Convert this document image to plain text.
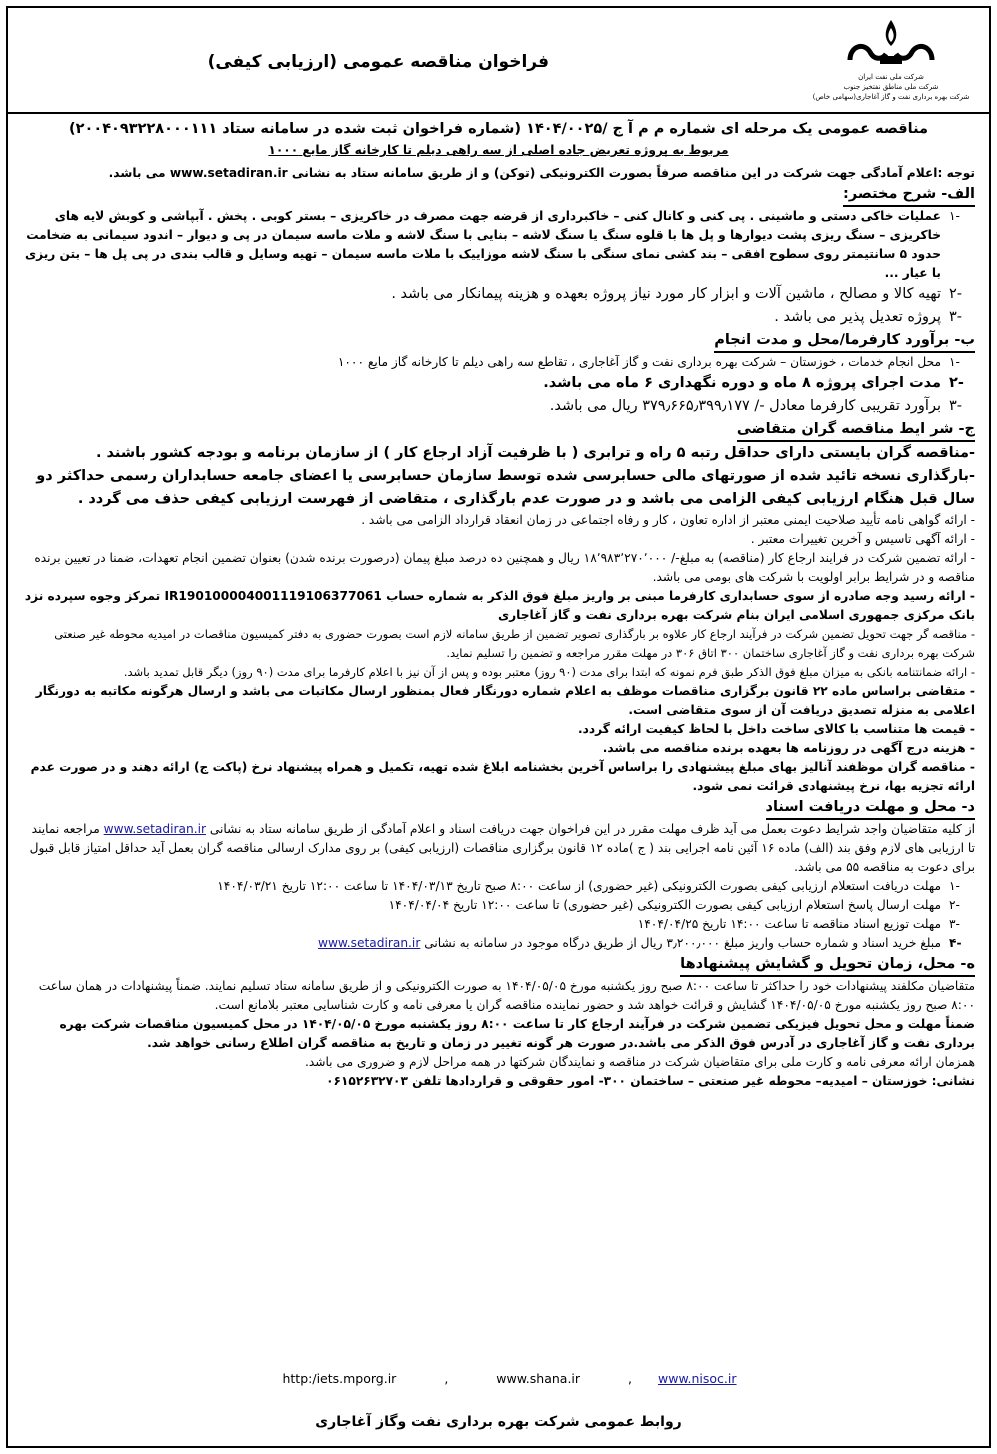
شرکت ملی نفت ایران
شرکت ملی مناطق نفتخیز جنوب
شرکت بهره برداری نفت و گاز آغاجاری(سهامی خاص)
فراخوان مناقصه عمومی (ارزیابی کیفی)

مناقصه عمومی یک مرحله ای شماره م م آ ج /۱۴۰۴/۰۰۲۵ (شماره فراخوان ثبت شده در سامانه ستاد ۲۰۰۴۰۹۳۲۲۸۰۰۰۱۱۱)

مربوط به پروژه تعریض جاده اصلی از سه راهی دیلم تا کارخانه گاز مایع ۱۰۰۰

توجه :اعلام آمادگی جهت شرکت در این مناقصه صرفاً بصورت الکترونیکی (توکن) و از طریق سامانه ستاد به نشانی www.setadiran.ir می باشد.

الف- شرح مختصر:
-۱
عملیات خاکی دستی و ماشینی . پی کنی و کانال کنی – خاکبرداری از قرضه جهت مصرف در خاکریزی – بستر کوبی . پخش . آبپاشی و کوبش لایه های خاکریزی – سنگ ریزی پشت دیوارها و پل ها با قلوه سنگ یا سنگ لاشه – بنایی با سنگ لاشه و ملات ماسه سیمان در پی و دیوار – اندود سیمانی به ضخامت حدود ۵ سانتیمتر روی سطوح افقی – بند کشی نمای سنگی با سنگ لاشه موزاییک با ملات ماسه سیمان – تهیه وسایل و قالب بندی در پی پل ها – بتن ریزی با عیار ...
-۲
تهیه کالا و مصالح ، ماشین آلات و ابزار کار مورد نیاز پروژه بعهده و هزینه پیمانکار می باشد .
-۳
پروژه تعدیل پذیر می باشد .
ب- برآورد کارفرما/محل و مدت انجام
-۱
محل انجام خدمات ، خوزستان – شرکت بهره برداری نفت و گاز آغاجاری ، تقاطع سه راهی دیلم تا کارخانه گاز مایع ۱۰۰۰
-۲
مدت اجرای پروژه ۸ ماه و دوره نگهداری ۶ ماه می باشد.
-۳
برآورد تقریبی کارفرما معادل -/ ۳۷۹٫۶۶۵٫۳۹۹٫۱۷۷ ریال می باشد.
ج- شر ایط مناقصه گران متقاضی

-مناقصه گران بایستی دارای حداقل رتبه ۵ راه و ترابری ( با ظرفیت آزاد ارجاع کار ) از سازمان برنامه و بودجه کشور باشند .

-بارگذاری نسخه تائید شده از صورتهای مالی حسابرسی شده توسط سازمان حسابرسی یا اعضای جامعه حسابداران رسمی حداکثر دو سال قبل هنگام ارزیابی کیفی الزامی می باشد و در صورت عدم بارگذاری ، متقاضی از فهرست ارزیابی کیفی حذف می گردد .

- ارائه گواهی نامه تأیید صلاحیت ایمنی معتبر از اداره تعاون ، کار و رفاه اجتماعی در زمان انعقاد قرارداد الزامی می باشد .

- ارائه آگهی تاسیس و آخرین تغییرات معتبر .

- ارائه تضمین شرکت در فرایند ارجاع کار (مناقصه) به مبلغ-/ ۱۸٬۹۸۳٬۲۷۰٬۰۰۰ ریال و همچنین ده درصد مبلغ پیمان (درصورت برنده شدن) بعنوان تضمین انجام تعهدات، ضمنا در تعیین برنده مناقصه و در شرایط برابر اولویت با شرکت های بومی می باشد.

- ارائه رسید وجه صادره از سوی حسابداری کارفرما مبنی بر واریز مبلغ فوق الذکر به شماره حساب IR190100004001119106377061 تمرکز وجوه سپرده نزد بانک مرکزی جمهوری اسلامی ایران بنام شرکت بهره برداری نفت و گاز آغاجاری

- مناقصه گر جهت تحویل تضمین شرکت در فرآیند ارجاع کار علاوه بر بارگذاری تصویر تضمین از طریق سامانه لازم است بصورت حضوری به دفتر کمیسیون مناقصات در امیدیه محوطه غیر صنعتی شرکت بهره برداری نفت و گاز آغاجاری ساختمان ۳۰۰ اتاق ۳۰۶ در مهلت مقرر مراجعه و تضمین را تسلیم نماید.

- ارائه ضمانتنامه بانکی به میزان مبلغ فوق الذکر طبق فرم نمونه که ابتدا برای مدت (۹۰ روز) معتبر بوده و پس از آن نیز با اعلام کارفرما برای مدت (۹۰ روز) دیگر قابل تمدید باشد.

- متقاضی براساس ماده ۲۲ قانون برگزاری مناقصات موظف به اعلام شماره دورنگار فعال بمنظور ارسال مکاتبات می باشد و ارسال هرگونه مکاتبه به دورنگار اعلامی به منزله تصدیق دریافت آن از سوی متقاضی است.

- قیمت ها متناسب با کالای ساخت داخل با لحاظ کیفیت ارائه گردد.

- هزینه درج آگهی در روزنامه ها بعهده برنده مناقصه می باشد.

- مناقصه گران موظفند آنالیز بهای مبلغ پیشنهادی را براساس آخرین بخشنامه ابلاغ شده تهیه، تکمیل و همراه پیشنهاد نرخ (پاکت ج) ارائه دهند و در صورت عدم ارائه تجزیه بها، نرخ پیشنهادی قرائت نمی شود.

د- محل و مهلت دریافت اسناد

از کلیه متقاضیان واجد شرایط دعوت بعمل می آید ظرف مهلت مقرر در این فراخوان جهت دریافت اسناد و اعلام آمادگی از طریق سامانه ستاد به نشانی www.setadiran.ir مراجعه نمایند تا ارزیابی های لازم وفق بند (الف) ماده ۱۶ آئین نامه اجرایی بند ( ج )ماده ۱۲ قانون برگزاری مناقصات (ارزیابی کیفی) بر روی مدارک ارسالی مناقصه گران بعمل آید حداقل امتیاز قابل قبول برای دعوت به مناقصه ۵۵ می باشد.

-۱
مهلت دریافت استعلام ارزیابی کیفی بصورت الکترونیکی (غیر حضوری) از ساعت ۸:۰۰ صبح تاریخ ۱۴۰۴/۰۳/۱۳ تا ساعت ۱۲:۰۰ تاریخ ۱۴۰۴/۰۳/۲۱
-۲
مهلت ارسال پاسخ استعلام ارزیابی کیفی بصورت الکترونیکی (غیر حضوری) تا ساعت ۱۲:۰۰ تاریخ ۱۴۰۴/۰۴/۰۴
-۳
مهلت توزیع اسناد مناقصه تا ساعت ۱۴:۰۰ تاریخ ۱۴۰۴/۰۴/۲۵
-۴
مبلغ خرید اسناد و شماره حساب واریز مبلغ ۳٫۲۰۰٫۰۰۰ ریال از طریق درگاه موجود در سامانه به نشانی www.setadiran.ir
ه- محل، زمان تحویل و گشایش پیشنهادها

متقاضیان مکلفند پیشنهادات خود را حداکثر تا ساعت ۸:۰۰ صبح روز یکشنبه مورخ ۱۴۰۴/۰۵/۰۵ به صورت الکترونیکی و از طریق سامانه ستاد تسلیم نمایند. ضمناً پیشنهادات در همان ساعت ۸:۰۰ صبح روز یکشنبه مورخ ۱۴۰۴/۰۵/۰۵ گشایش و قرائت خواهد شد و حضور نماینده مناقصه گران یا معرفی نامه و کارت شناسایی معتبر بلامانع است.

ضمناً مهلت و محل تحویل فیزیکی تضمین شرکت در فرآیند ارجاع کار تا ساعت ۸:۰۰ روز یکشنبه مورخ ۱۴۰۴/۰۵/۰۵ در محل کمیسیون مناقصات شرکت بهره برداری نفت و گاز آغاجاری در آدرس فوق الذکر می باشد.در صورت هر گونه تغییر در زمان و تاریخ به مناقصه گران اطلاع رسانی خواهد شد.

همزمان ارائه معرفی نامه و کارت ملی برای متقاضیان شرکت در مناقصه و نمایندگان شرکتها در همه مراحل لازم و ضروری می باشد.

نشانی: خوزستان – امیدیه– محوطه غیر صنعتی – ساختمان ۳۰۰- امور حقوقی و قراردادها تلفن ۰۶۱۵۲۶۳۲۷۰۳

http:/iets.mporg.ir	,	www.shana.ir	, www.nisoc.ir
روابط عمومی شرکت بهره برداری نفت وگاز آغاجاری
